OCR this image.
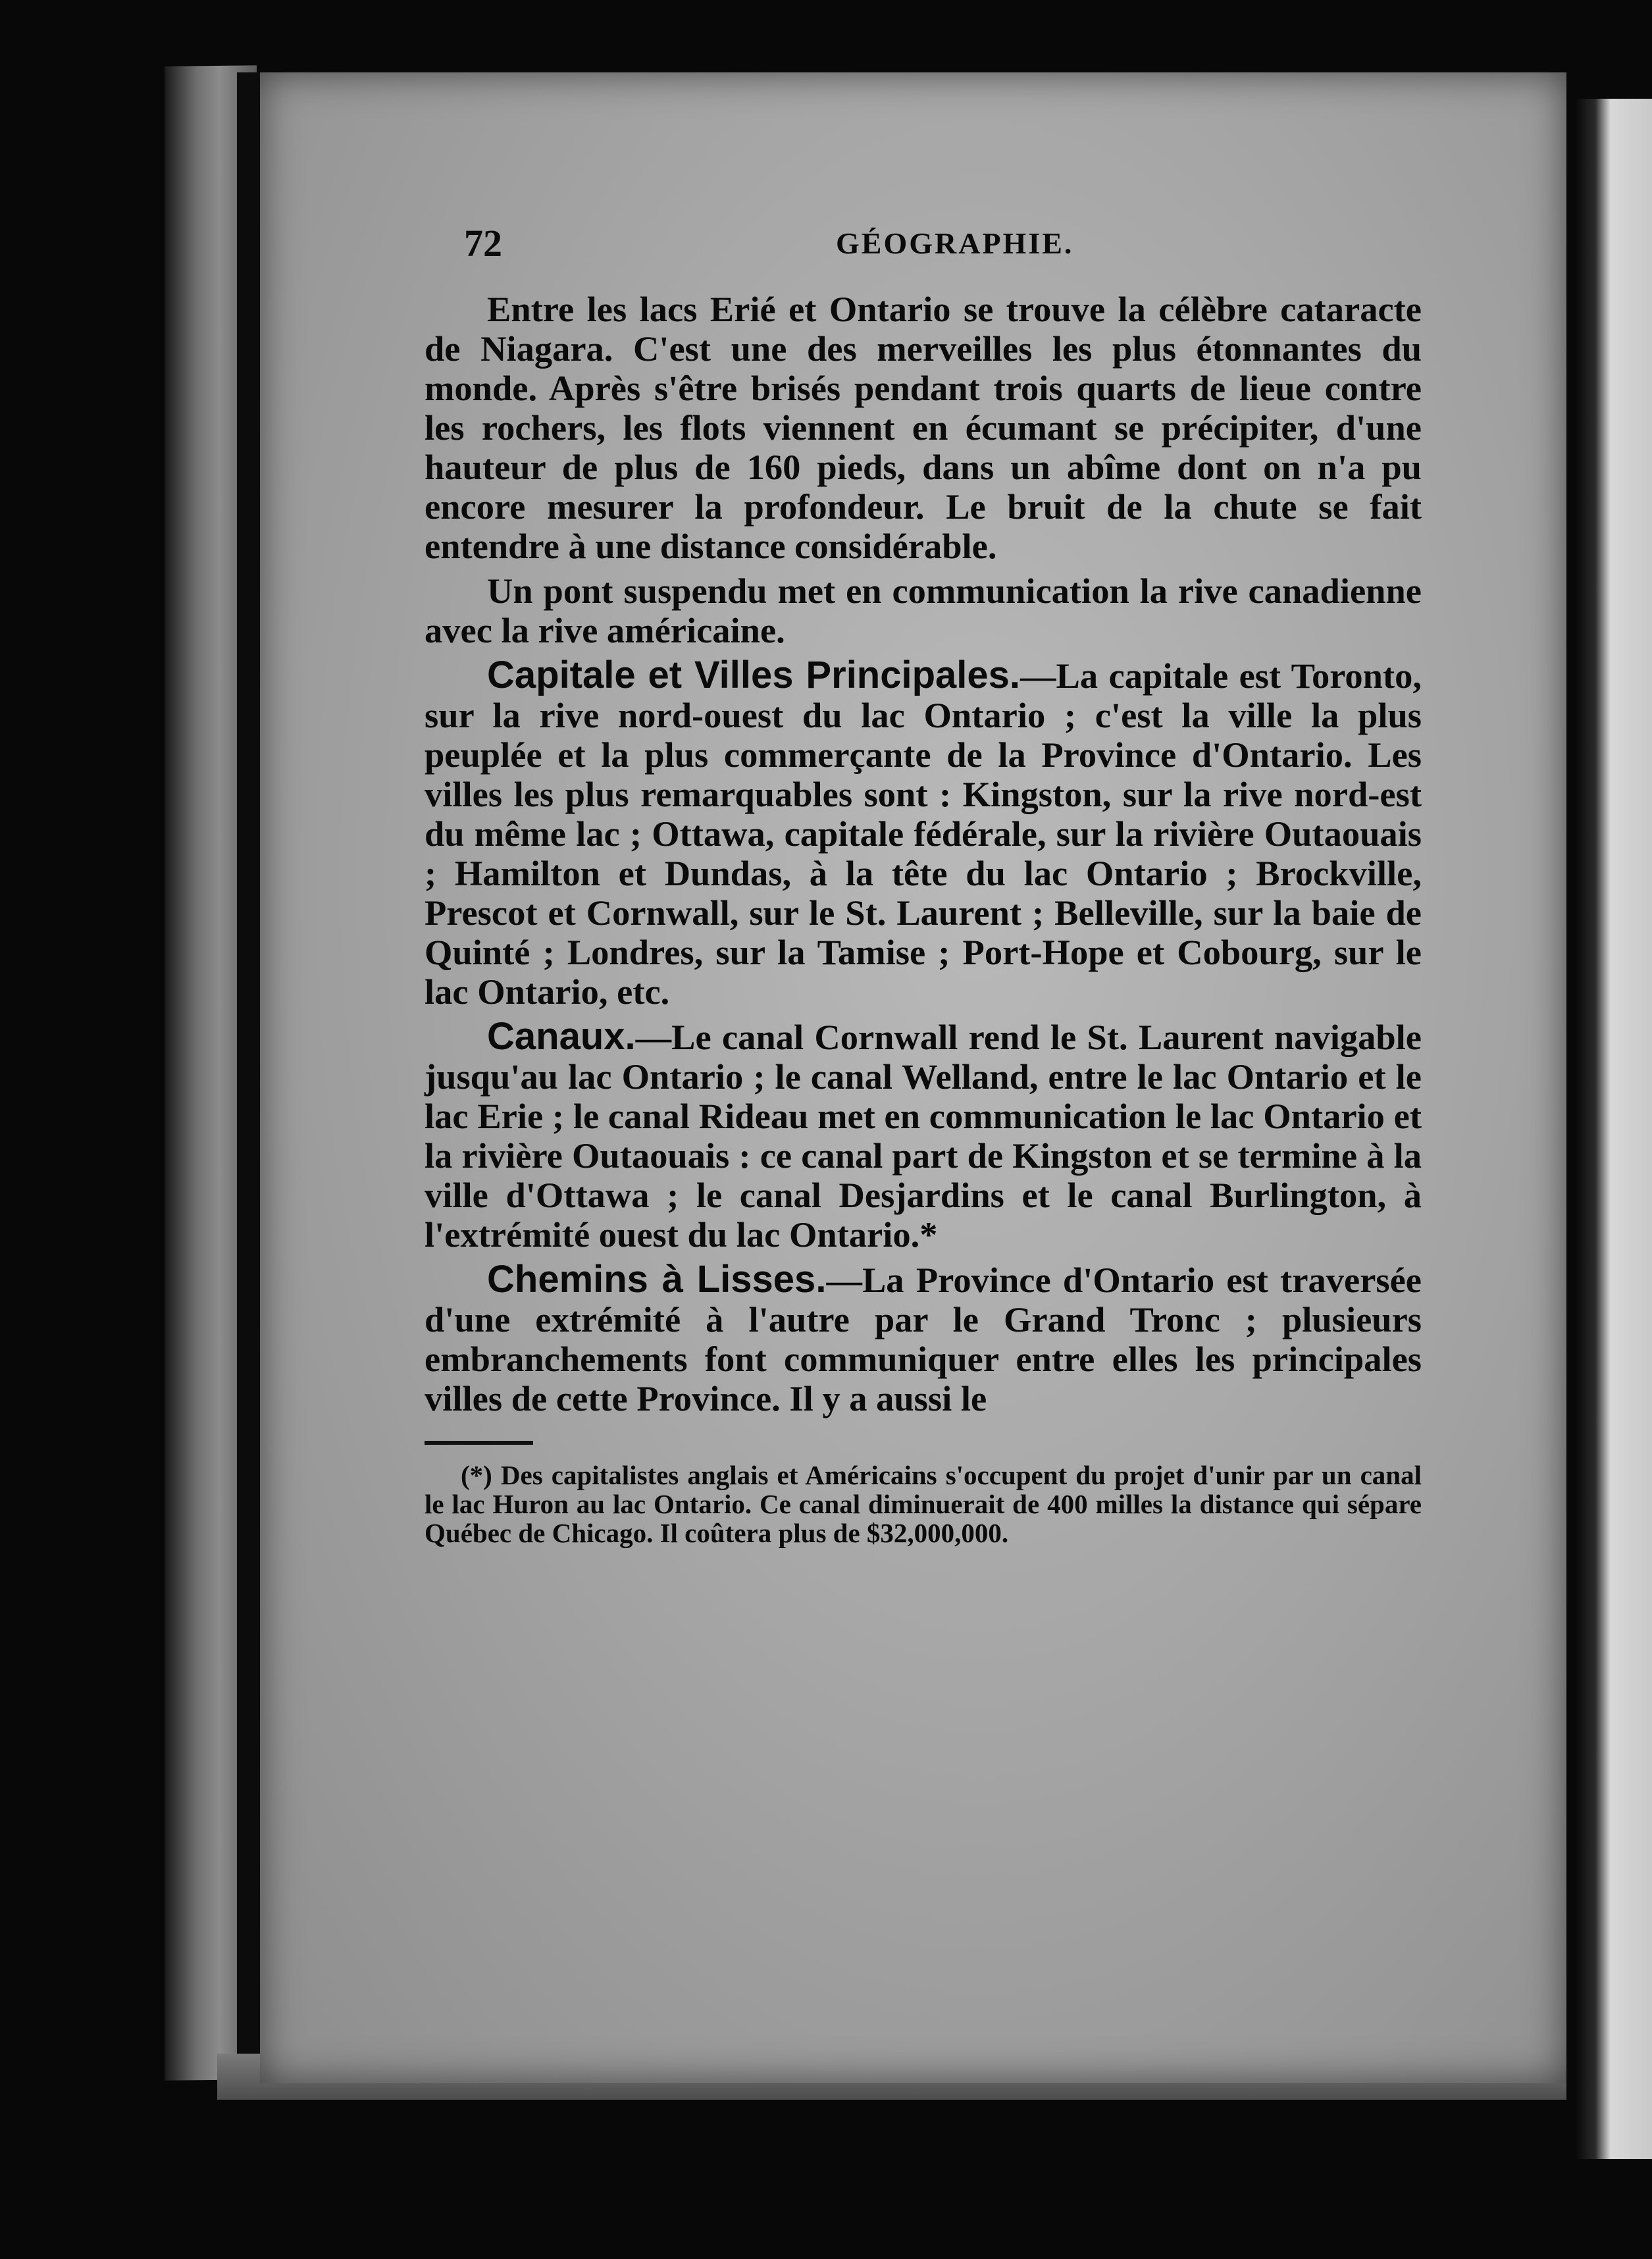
72	GÉOGRAPHIE.

Entre les lacs Erié et Ontario se trouve la célèbre cataracte de Niagara. C'est une des merveilles les plus étonnantes du monde. Après s'être brisés pendant trois quarts de lieue contre les rochers, les flots viennent en écumant se précipiter, d'une hauteur de plus de 160 pieds, dans un abîme dont on n'a pu encore mesurer la profondeur. Le bruit de la chute se fait entendre à une distance considérable.

Un pont suspendu met en communication la rive canadienne avec la rive américaine.

Capitale et Villes Principales.—La capitale est Toronto, sur la rive nord-ouest du lac Ontario ; c'est la ville la plus peuplée et la plus commerçante de la Province d'Ontario. Les villes les plus remarquables sont : Kingston, sur la rive nord-est du même lac ; Ottawa, capitale fédérale, sur la rivière Outaouais ; Hamilton et Dundas, à la tête du lac Ontario ; Brockville, Prescot et Cornwall, sur le St. Laurent ; Belleville, sur la baie de Quinté ; Londres, sur la Tamise ; Port-Hope et Cobourg, sur le lac Ontario, etc.

Canaux.—Le canal Cornwall rend le St. Laurent navigable jusqu'au lac Ontario ; le canal Welland, entre le lac Ontario et le lac Erie ; le canal Rideau met en communication le lac Ontario et la rivière Outaouais : ce canal part de Kingston et se termine à la ville d'Ottawa ; le canal Desjardins et le canal Burlington, à l'extrémité ouest du lac Ontario.*

Chemins à Lisses.—La Province d'Ontario est traversée d'une extrémité à l'autre par le Grand Tronc ; plusieurs embranchements font communiquer entre elles les principales villes de cette Province. Il y a aussi le

(*) Des capitalistes anglais et Américains s'occupent du projet d'unir par un canal le lac Huron au lac Ontario. Ce canal diminuerait de 400 milles la distance qui sépare Québec de Chicago. Il coûtera plus de $32,000,000.
